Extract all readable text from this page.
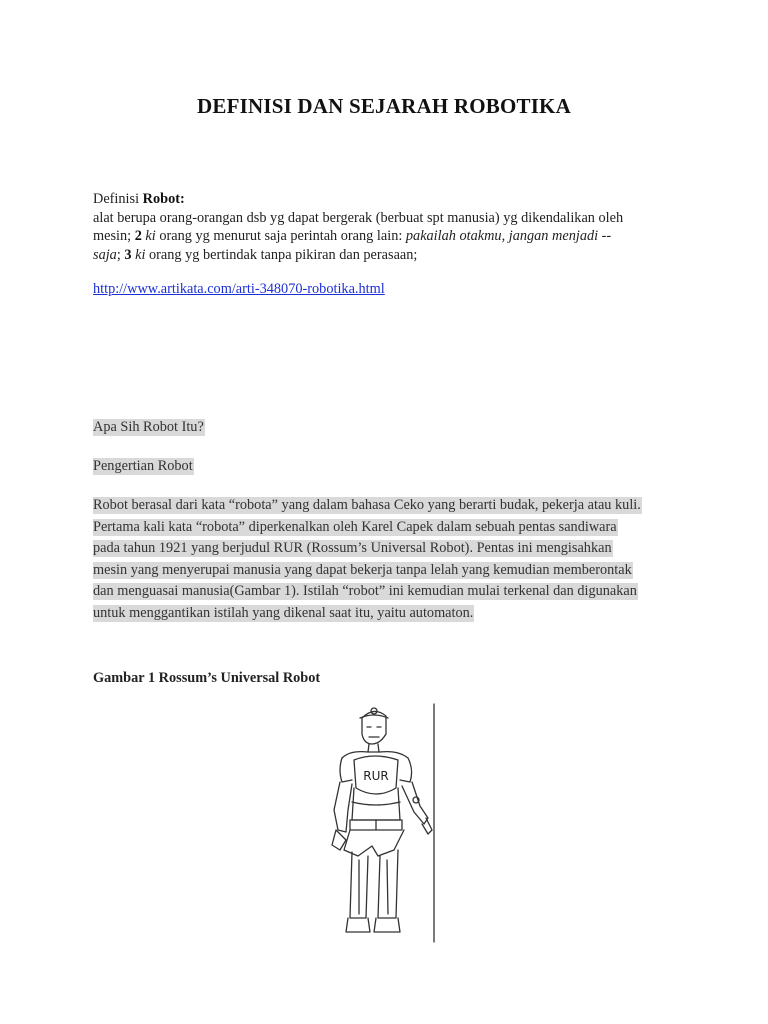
DEFINISI DAN SEJARAH ROBOTIKA
Definisi Robot:
alat berupa orang-orangan dsb yg dapat bergerak (berbuat spt manusia) yg dikendalikan oleh
mesin; 2 ki orang yg menurut saja perintah orang lain: pakailah otakmu, jangan menjadi --
saja; 3 ki orang yg bertindak tanpa pikiran dan perasaan;
http://www.artikata.com/arti-348070-robotika.html
Apa Sih Robot Itu?
Pengertian Robot
Robot berasal dari kata “robota” yang dalam bahasa Ceko yang berarti budak, pekerja atau kuli.
Pertama kali kata “robota” diperkenalkan oleh Karel Capek dalam sebuah pentas sandiwara
pada tahun 1921 yang berjudul RUR (Rossum’s Universal Robot). Pentas ini mengisahkan
mesin yang menyerupai manusia yang dapat bekerja tanpa lelah yang kemudian memberontak
dan menguasai manusia(Gambar 1). Istilah “robot” ini kemudian mulai terkenal dan digunakan
untuk menggantikan istilah yang dikenal saat itu, yaitu automaton.
Gambar 1 Rossum’s Universal Robot
RUR
